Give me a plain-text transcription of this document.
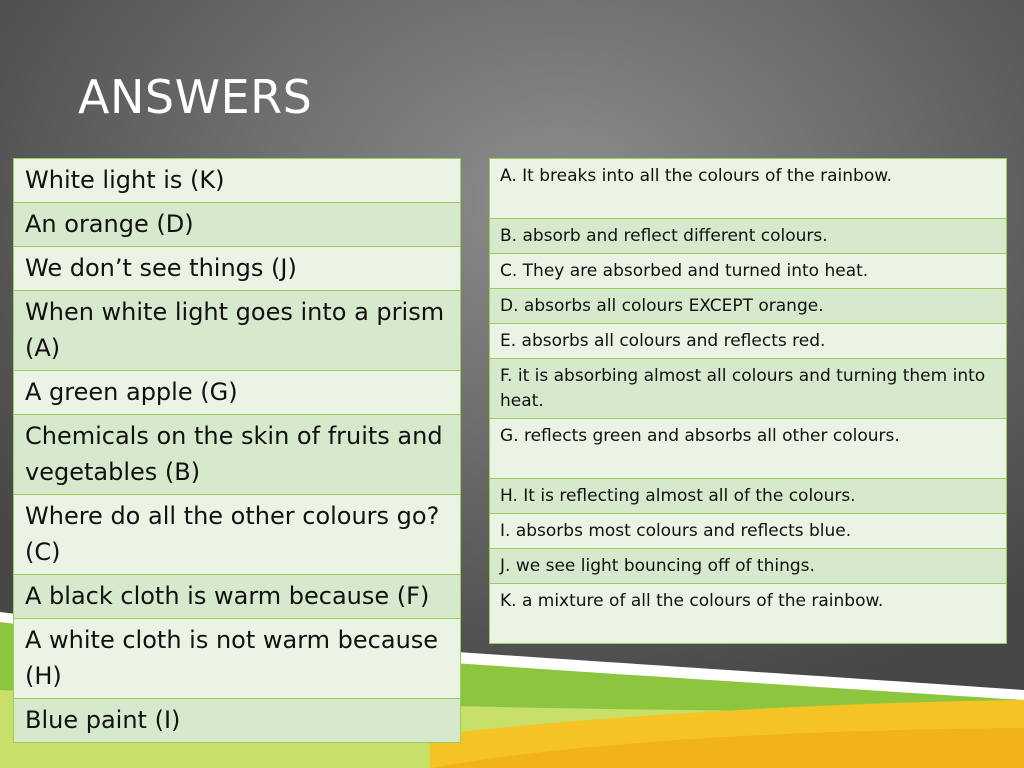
ANSWERS
White light is (K)
An orange (D)
We don’t see things (J)
When white light goes into a prism (A)
A green apple (G)
Chemicals on the skin of fruits and vegetables (B)
Where do all the other colours go? (C)
A black cloth is warm because (F)
A white cloth is not warm because (H)
Blue paint (I)
A. It breaks into all the colours of the rainbow.
B. absorb and reflect different colours.
C. They are absorbed and turned into heat.
D. absorbs all colours EXCEPT orange.
E. absorbs all colours and reflects red.
F. it is absorbing almost all colours and turning them into heat.
G. reflects green and absorbs all other colours.
H. It is reflecting almost all of the colours.
I. absorbs most colours and reflects blue.
J. we see light bouncing off of things.
K. a mixture of all the colours of the rainbow.
